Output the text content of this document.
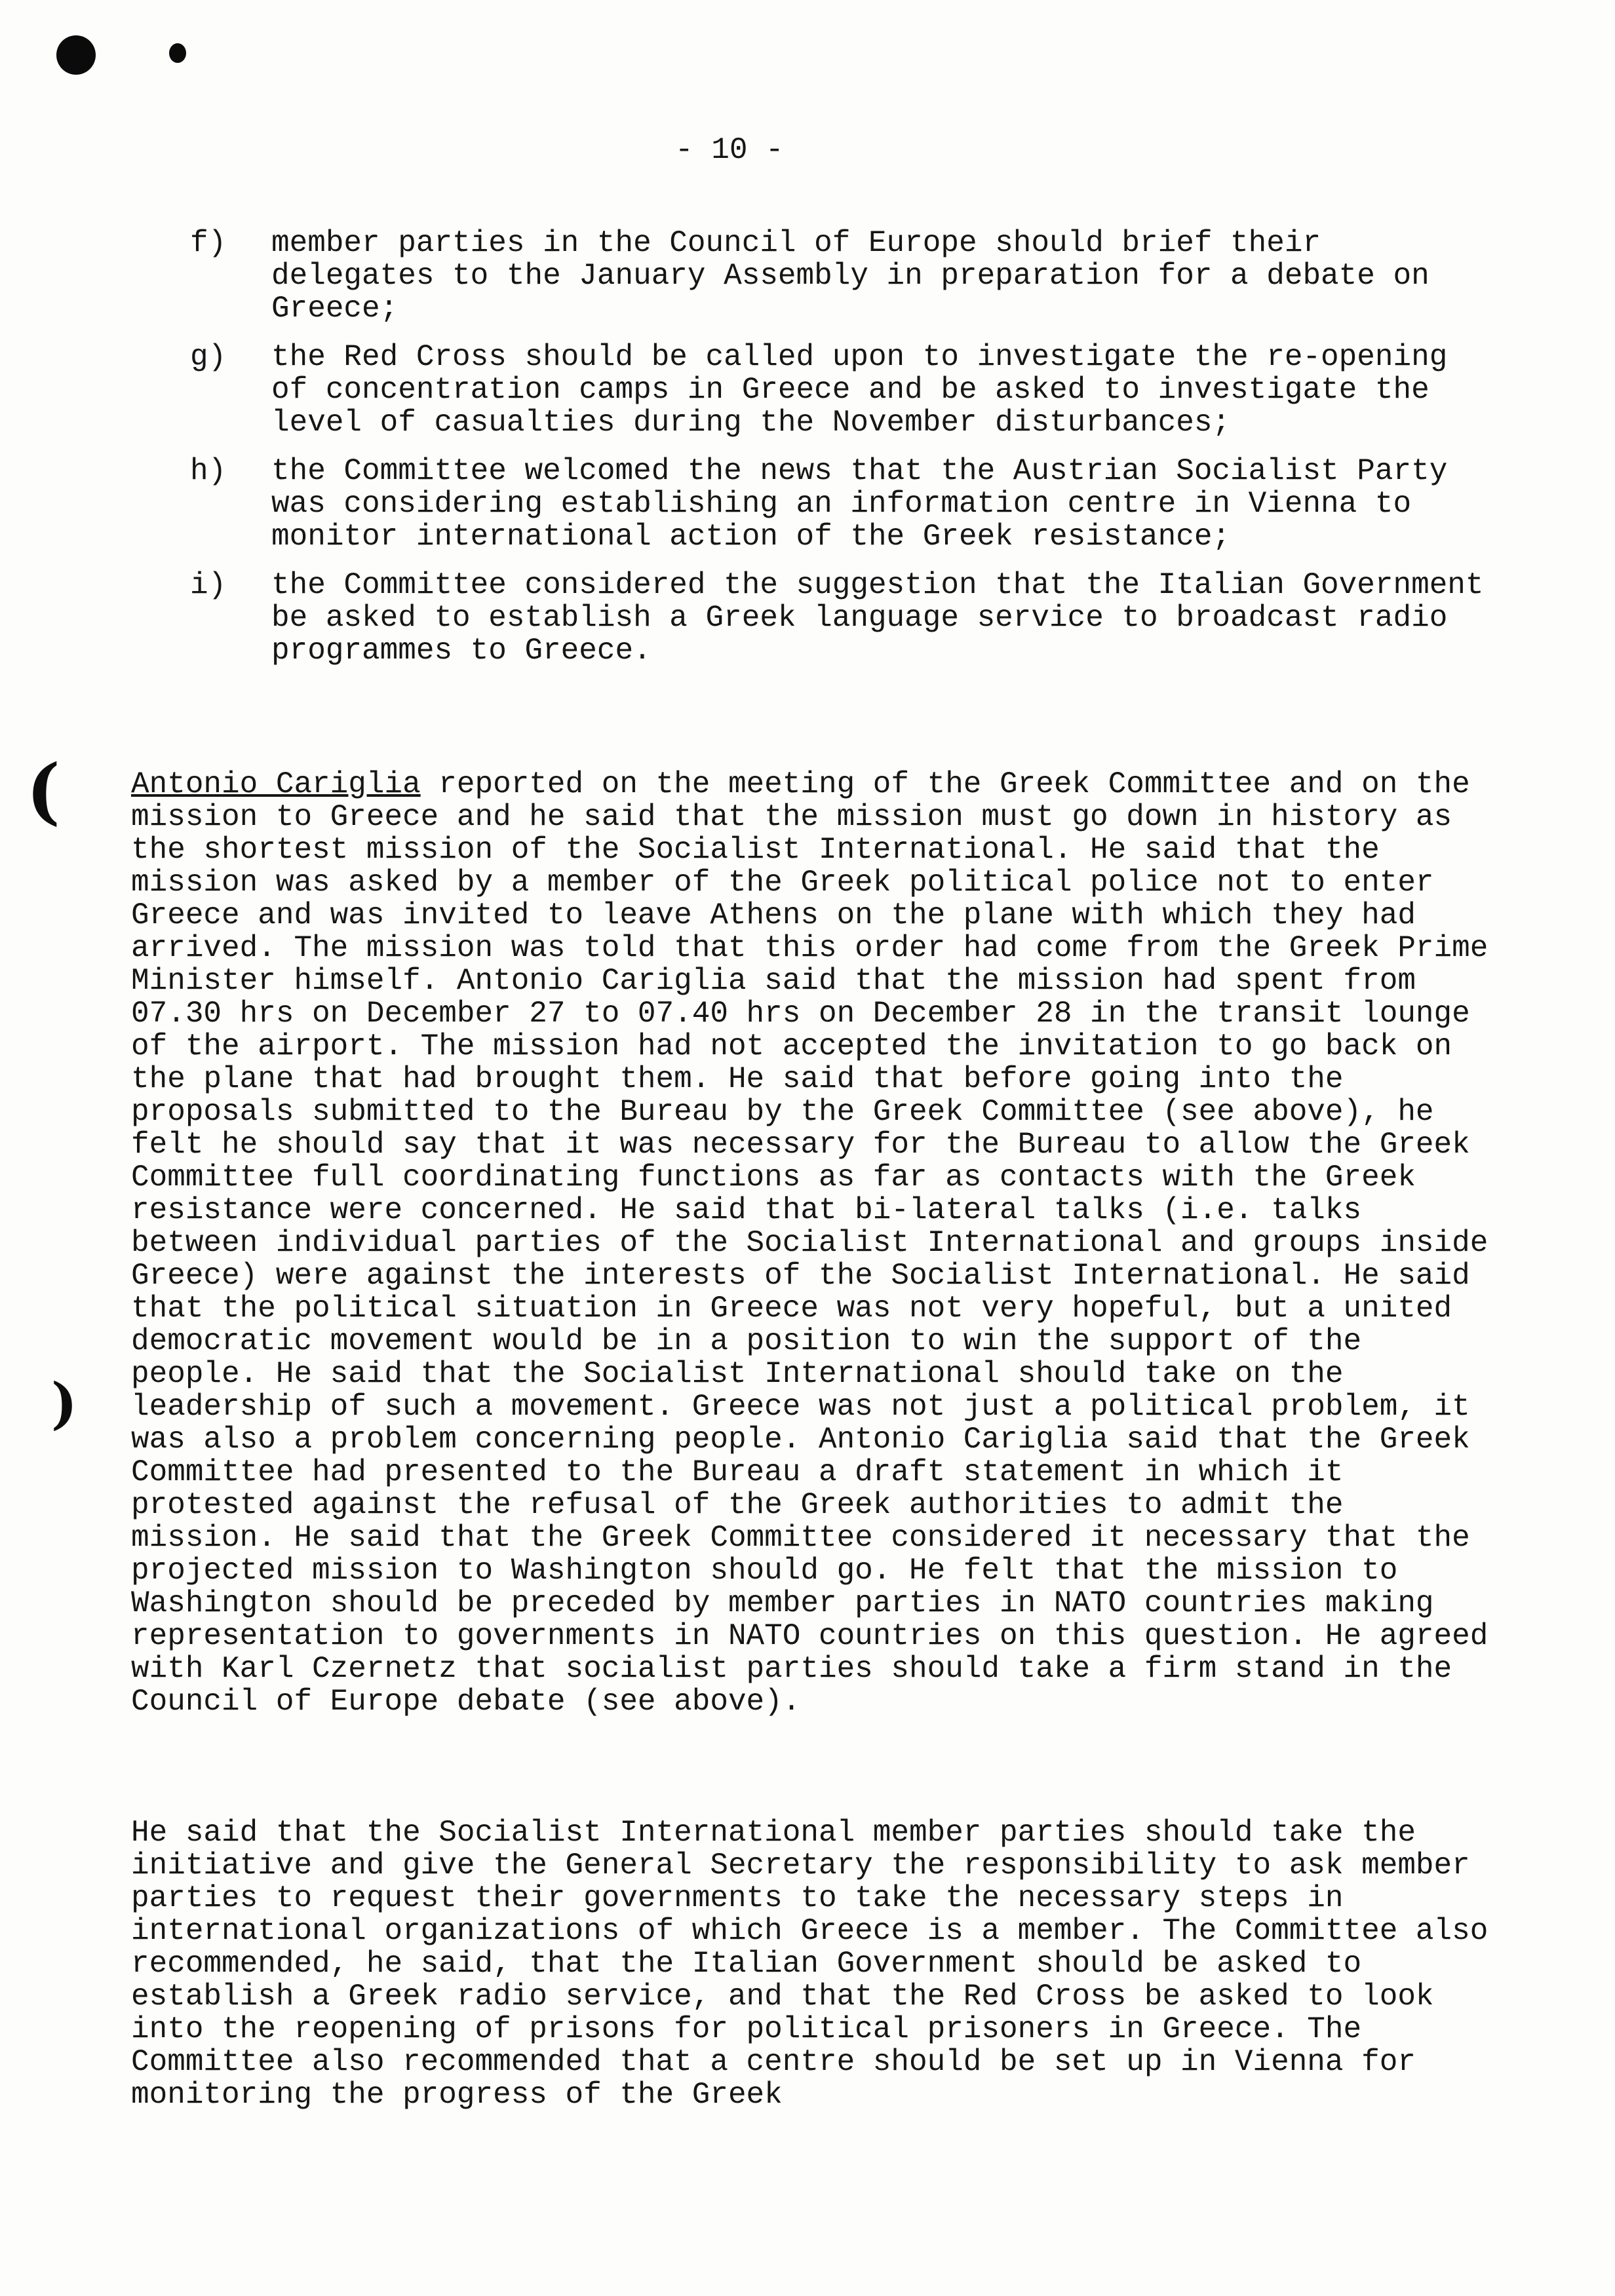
- 10 -
f)	member parties in the Council of Europe should brief their delegates to the January Assembly in preparation for a debate on Greece;
g)	the Red Cross should be called upon to investigate the re-opening of concentration camps in Greece and be asked to investigate the level of casualties during the November disturbances;
h)	the Committee welcomed the news that the Austrian Socialist Party was considering establishing an information centre in Vienna to monitor international action of the Greek resistance;
i)	the Committee considered the suggestion that the Italian Government be asked to establish a Greek language service to broadcast radio programmes to Greece.
(
)

Antonio Cariglia reported on the meeting of the Greek Committee and on the mission to Greece and he said that the mission must go down in history as the shortest mission of the Socialist International. He said that the mission was asked by a member of the Greek political police not to enter Greece and was invited to leave Athens on the plane with which they had arrived. The mission was told that this order had come from the Greek Prime Minister himself. Antonio Cariglia said that the mission had spent from 07.30 hrs on December 27 to 07.40 hrs on December 28 in the transit lounge of the airport. The mission had not accepted the invitation to go back on the plane that had brought them. He said that before going into the proposals submitted to the Bureau by the Greek Committee (see above), he felt he should say that it was necessary for the Bureau to allow the Greek Committee full coordinating functions as far as contacts with the Greek resistance were concerned. He said that bi-lateral talks (i.e. talks between individual parties of the Socialist International and groups inside Greece) were against the interests of the Socialist International. He said that the political situation in Greece was not very hopeful, but a united democratic movement would be in a position to win the support of the people. He said that the Socialist International should take on the leadership of such a movement. Greece was not just a political problem, it was also a problem concerning people. Antonio Cariglia said that the Greek Committee had presented to the Bureau a draft statement in which it protested against the refusal of the Greek authorities to admit the mission. He said that the Greek Committee considered it necessary that the projected mission to Washington should go. He felt that the mission to Washington should be preceded by member parties in NATO countries making representation to governments in NATO countries on this question. He agreed with Karl Czernetz that socialist parties should take a firm stand in the Council of Europe debate (see above).

He said that the Socialist International member parties should take the initiative and give the General Secretary the responsibility to ask member parties to request their governments to take the necessary steps in international organizations of which Greece is a member. The Committee also recommended, he said, that the Italian Government should be asked to establish a Greek radio service, and that the Red Cross be asked to look into the reopening of prisons for political prisoners in Greece. The Committee also recommended that a centre should be set up in Vienna for monitoring the progress of the Greek
